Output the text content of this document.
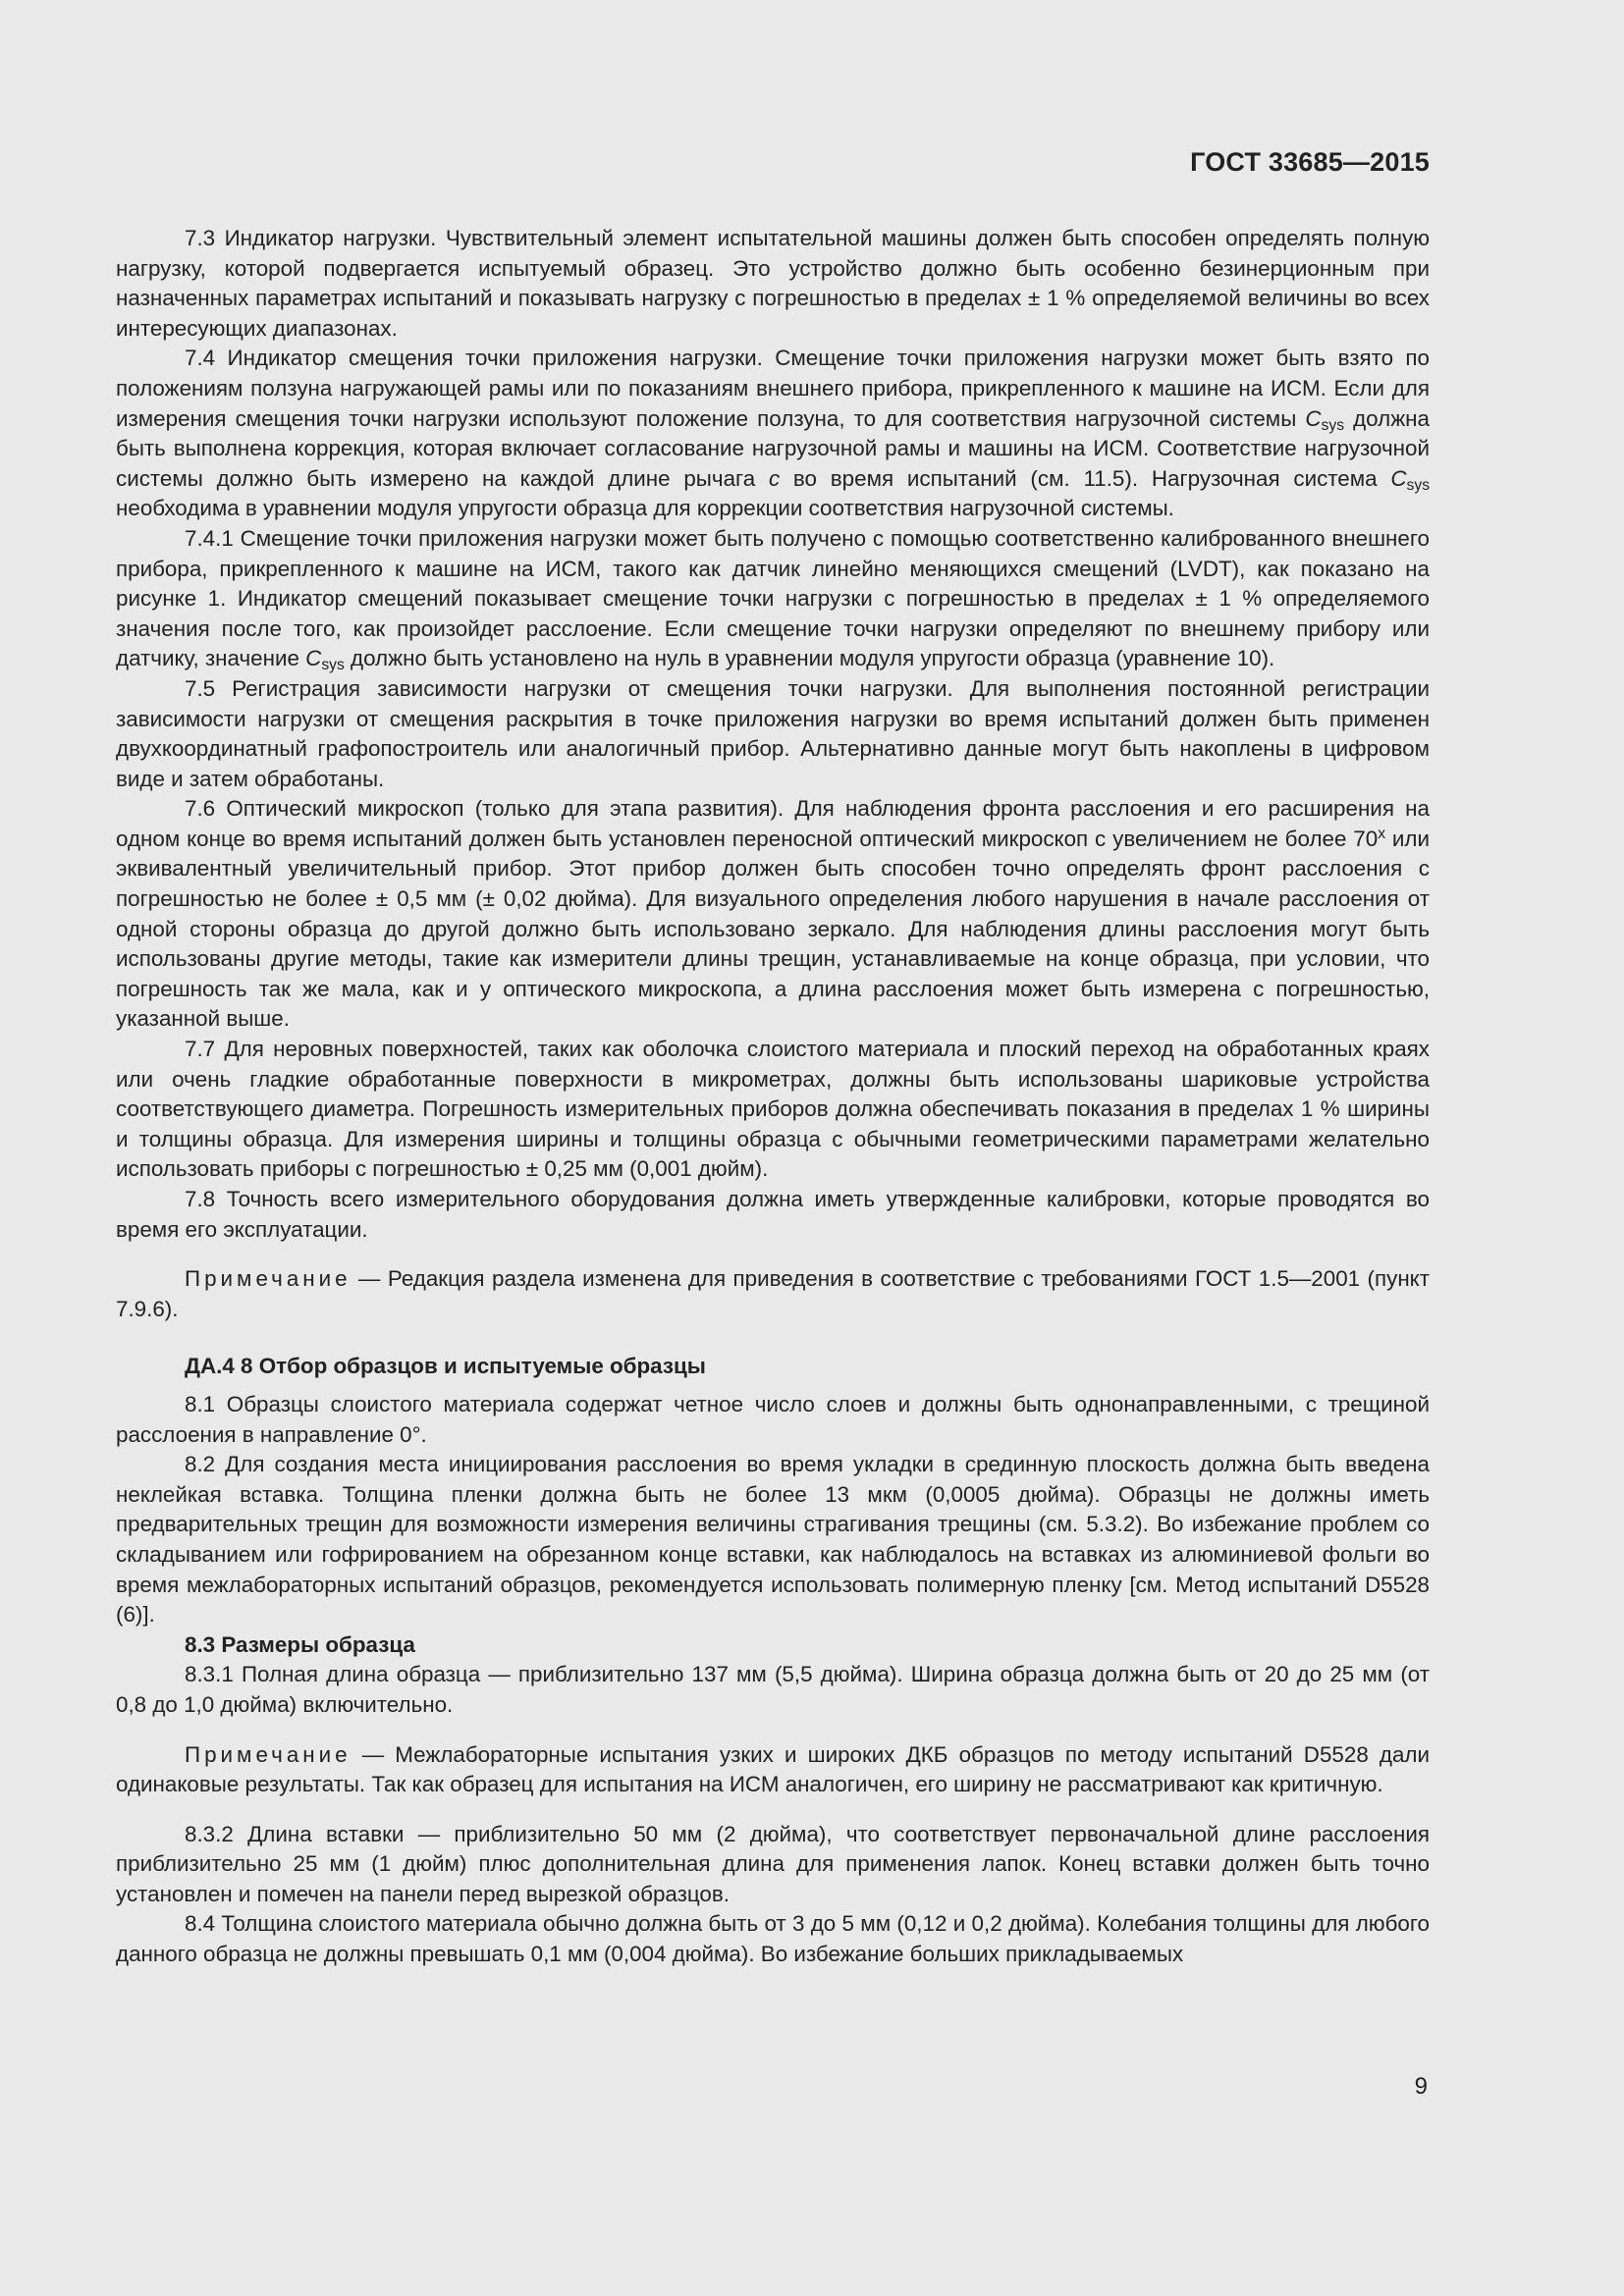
ГОСТ 33685—2015

7.3 Индикатор нагрузки. Чувствительный элемент испытательной машины должен быть способен определять полную нагрузку, которой подвергается испытуемый образец. Это устройство должно быть особенно безинерционным при назначенных параметрах испытаний и показывать нагрузку с погрешностью в пределах ± 1 % определяемой величины во всех интересующих диапазонах.

7.4 Индикатор смещения точки приложения нагрузки. Смещение точки приложения нагрузки может быть взято по положениям ползуна нагружающей рамы или по показаниям внешнего прибора, прикрепленного к машине на ИСМ. Если для измерения смещения точки нагрузки используют положение ползуна, то для соответствия нагрузочной системы $C_{sys}$ должна быть выполнена коррекция, которая включает согласование нагрузочной рамы и машины на ИСМ. Соответствие нагрузочной системы должно быть измерено на каждой длине рычага c во время испытаний (см. 11.5). Нагрузочная система $C_{sys}$ необходима в уравнении модуля упругости образца для коррекции соответствия нагрузочной системы.

7.4.1 Смещение точки приложения нагрузки может быть получено с помощью соответственно калиброванного внешнего прибора, прикрепленного к машине на ИСМ, такого как датчик линейно меняющихся смещений (LVDT), как показано на рисунке 1. Индикатор смещений показывает смещение точки нагрузки с погрешностью в пределах ± 1 % определяемого значения после того, как произойдет расслоение. Если смещение точки нагрузки определяют по внешнему прибору или датчику, значение $C_{sys}$ должно быть установлено на нуль в уравнении модуля упругости образца (уравнение 10).

7.5 Регистрация зависимости нагрузки от смещения точки нагрузки. Для выполнения постоянной регистрации зависимости нагрузки от смещения раскрытия в точке приложения нагрузки во время испытаний должен быть применен двухкоординатный графопостроитель или аналогичный прибор. Альтернативно данные могут быть накоплены в цифровом виде и затем обработаны.

7.6 Оптический микроскоп (только для этапа развития). Для наблюдения фронта расслоения и его расширения на одном конце во время испытаний должен быть установлен переносной оптический микроскоп с увеличением не более 70$^x$ или эквивалентный увеличительный прибор. Этот прибор должен быть способен точно определять фронт расслоения с погрешностью не более ± 0,5 мм (± 0,02 дюйма). Для визуального определения любого нарушения в начале расслоения от одной стороны образца до другой должно быть использовано зеркало. Для наблюдения длины расслоения могут быть использованы другие методы, такие как измерители длины трещин, устанавливаемые на конце образца, при условии, что погрешность так же мала, как и у оптического микроскопа, а длина расслоения может быть измерена с погрешностью, указанной выше.

7.7 Для неровных поверхностей, таких как оболочка слоистого материала и плоский переход на обработанных краях или очень гладкие обработанные поверхности в микрометрах, должны быть использованы шариковые устройства соответствующего диаметра. Погрешность измерительных приборов должна обеспечивать показания в пределах 1 % ширины и толщины образца. Для измерения ширины и толщины образца с обычными геометрическими параметрами желательно использовать приборы с погрешностью ± 0,25 мм (0,001 дюйм).

7.8 Точность всего измерительного оборудования должна иметь утвержденные калибровки, которые проводятся во время его эксплуатации.

Примечание — Редакция раздела изменена для приведения в соответствие с требованиями ГОСТ 1.5—2001 (пункт 7.9.6).

ДА.4 8 Отбор образцов и испытуемые образцы

8.1 Образцы слоистого материала содержат четное число слоев и должны быть однонаправленными, с трещиной расслоения в направление 0°.

8.2 Для создания места инициирования расслоения во время укладки в срединную плоскость должна быть введена неклейкая вставка. Толщина пленки должна быть не более 13 мкм (0,0005 дюйма). Образцы не должны иметь предварительных трещин для возможности измерения величины страгивания трещины (см. 5.3.2). Во избежание проблем со складыванием или гофрированием на обрезанном конце вставки, как наблюдалось на вставках из алюминиевой фольги во время межлабораторных испытаний образцов, рекомендуется использовать полимерную пленку [см. Метод испытаний D5528 (6)].

8.3 Размеры образца

8.3.1 Полная длина образца — приблизительно 137 мм (5,5 дюйма). Ширина образца должна быть от 20 до 25 мм (от 0,8 до 1,0 дюйма) включительно.

Примечание — Межлабораторные испытания узких и широких ДКБ образцов по методу испытаний D5528 дали одинаковые результаты. Так как образец для испытания на ИСМ аналогичен, его ширину не рассматривают как критичную.

8.3.2 Длина вставки — приблизительно 50 мм (2 дюйма), что соответствует первоначальной длине расслоения приблизительно 25 мм (1 дюйм) плюс дополнительная длина для применения лапок. Конец вставки должен быть точно установлен и помечен на панели перед вырезкой образцов.

8.4 Толщина слоистого материала обычно должна быть от 3 до 5 мм (0,12 и 0,2 дюйма). Колебания толщины для любого данного образца не должны превышать 0,1 мм (0,004 дюйма). Во избежание больших прикладываемых

9
